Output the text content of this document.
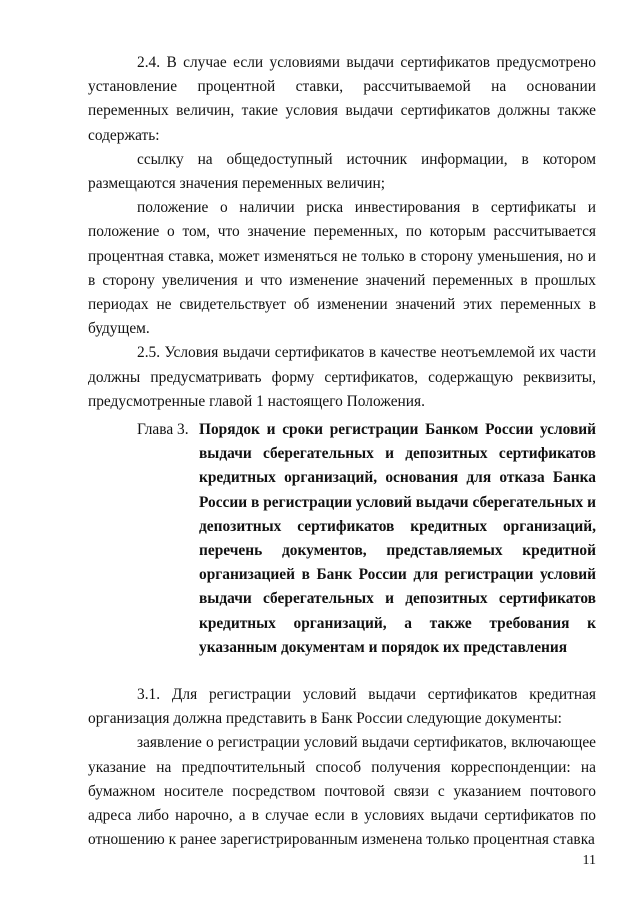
2.4. В случае если условиями выдачи сертификатов предусмотрено установление процентной ставки, рассчитываемой на основании переменных величин, такие условия выдачи сертификатов должны также содержать:

ссылку на общедоступный источник информации, в котором размещаются значения переменных величин;

положение о наличии риска инвестирования в сертификаты и положение о том, что значение переменных, по которым рассчитывается процентная ставка, может изменяться не только в сторону уменьшения, но и в сторону увеличения и что изменение значений переменных в прошлых периодах не свидетельствует об изменении значений этих переменных в будущем.

2.5. Условия выдачи сертификатов в качестве неотъемлемой их части должны предусматривать форму сертификатов, содержащую реквизиты, предусмотренные главой 1 настоящего Положения.

Глава 3. Порядок и сроки регистрации Банком России условий выдачи сберегательных и депозитных сертификатов кредитных организаций, основания для отказа Банка России в регистрации условий выдачи сберегательных и депозитных сертификатов кредитных организаций, перечень документов, представляемых кредитной организацией в Банк России для регистрации условий выдачи сберегательных и депозитных сертификатов кредитных организаций, а также требования к указанным документам и порядок их представления

3.1. Для регистрации условий выдачи сертификатов кредитная организация должна представить в Банк России следующие документы:

заявление о регистрации условий выдачи сертификатов, включающее указание на предпочтительный способ получения корреспонденции: на бумажном носителе посредством почтовой связи с указанием почтового адреса либо нарочно, а в случае если в условиях выдачи сертификатов по отношению к ранее зарегистрированным изменена только процентная ставка

11
